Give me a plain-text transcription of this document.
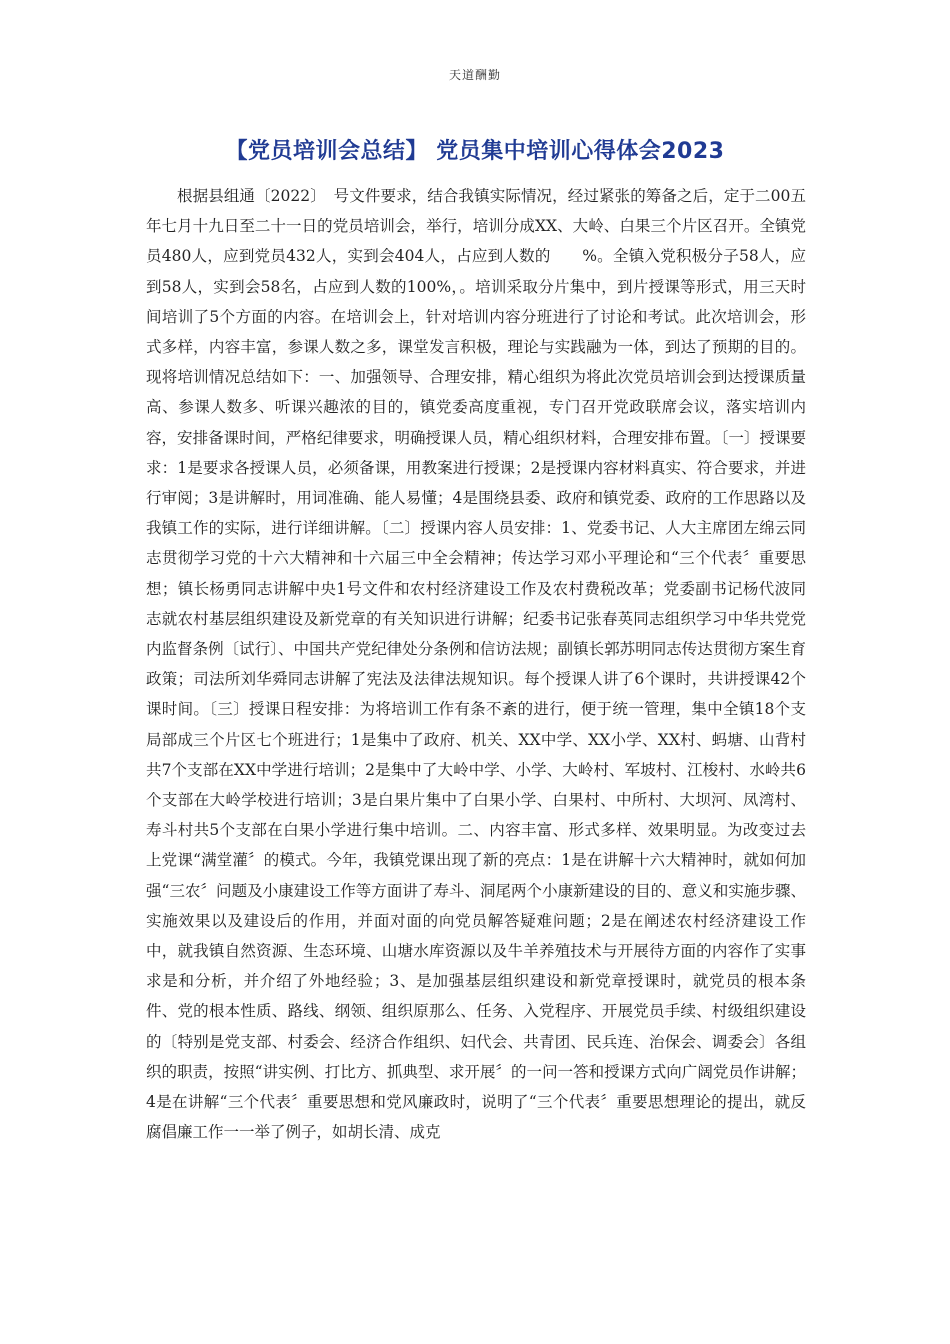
天道酬勤
【党员培训会总结】 党员集中培训心得体会2023

根据县组通〔2022〕　号文件要求，结合我镇实际情况，经过紧张的筹备之后，定于二00五年七月十九日至二十一日的党员培训会，举行，培训分成XX、大岭、白果三个片区召开。全镇党员480人，应到党员432人，实到会404人，占应到人数的　　%。全镇入党积极分子58人，应到58人，实到会58名，占应到人数的100%，。培训采取分片集中，到片授课等形式，用三天时间培训了5个方面的内容。在培训会上，针对培训内容分班进行了讨论和考试。此次培训会，形式多样，内容丰富，参课人数之多，课堂发言积极，理论与实践融为一体，到达了预期的目的。现将培训情况总结如下：一、加强领导、合理安排，精心组织为将此次党员培训会到达授课质量高、参课人数多、听课兴趣浓的目的，镇党委高度重视，专门召开党政联席会议，落实培训内容，安排备课时间，严格纪律要求，明确授课人员，精心组织材料，合理安排布置。〔一〕授课要求：1是要求各授课人员，必须备课，用教案进行授课；2是授课内容材料真实、符合要求，并进行审阅；3是讲解时，用词准确、能人易懂；4是围绕县委、政府和镇党委、政府的工作思路以及我镇工作的实际，进行详细讲解。〔二〕授课内容人员安排：1、党委书记、人大主席团左绵云同志贯彻学习党的十六大精神和十六届三中全会精神；传达学习邓小平理论和“三个代表〞重要思想；镇长杨勇同志讲解中央1号文件和农村经济建设工作及农村费税改革；党委副书记杨代波同志就农村基层组织建设及新党章的有关知识进行讲解；纪委书记张春英同志组织学习中华共党党内监督条例〔试行〕、中国共产党纪律处分条例和信访法规；副镇长郭苏明同志传达贯彻方案生育政策；司法所刘华舜同志讲解了宪法及法律法规知识。每个授课人讲了6个课时，共讲授课42个课时间。〔三〕授课日程安排：为将培训工作有条不紊的进行，便于统一管理，集中全镇18个支局部成三个片区七个班进行；1是集中了政府、机关、XX中学、XX小学、XX村、蚂塘、山背村共7个支部在XX中学进行培训；2是集中了大岭中学、小学、大岭村、军坡村、江梭村、水岭共6个支部在大岭学校进行培训；3是白果片集中了白果小学、白果村、中所村、大坝河、凤湾村、寿斗村共5个支部在白果小学进行集中培训。二、内容丰富、形式多样、效果明显。为改变过去上党课“满堂灌〞的模式。今年，我镇党课出现了新的亮点：1是在讲解十六大精神时，就如何加强“三农〞问题及小康建设工作等方面讲了寿斗、洞尾两个小康新建设的目的、意义和实施步骤、实施效果以及建设后的作用，并面对面的向党员解答疑难问题；2是在阐述农村经济建设工作中，就我镇自然资源、生态环境、山塘水库资源以及牛羊养殖技术与开展待方面的内容作了实事求是和分析，并介绍了外地经验；3、是加强基层组织建设和新党章授课时，就党员的根本条件、党的根本性质、路线、纲领、组织原那么、任务、入党程序、开展党员手续、村级组织建设的〔特别是党支部、村委会、经济合作组织、妇代会、共青团、民兵连、治保会、调委会〕各组织的职责，按照“讲实例、打比方、抓典型、求开展〞的一问一答和授课方式向广阔党员作讲解；4是在讲解“三个代表〞重要思想和党风廉政时，说明了“三个代表〞重要思想理论的提出，就反腐倡廉工作一一举了例子，如胡长清、成克
